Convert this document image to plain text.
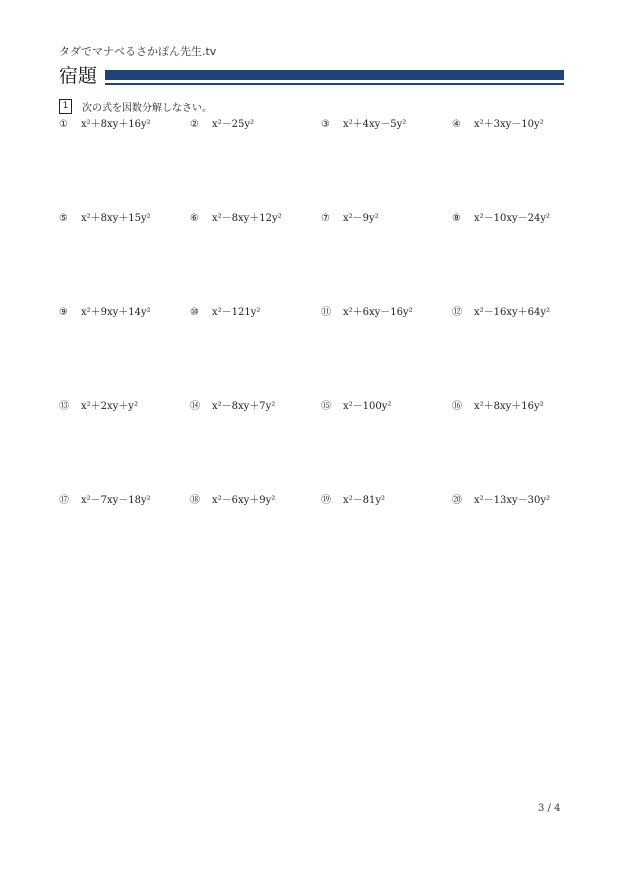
タダでマナベるさかぽん先生.tv
宿題
1	次の式を因数分解しなさい。
①	x²＋8xy＋16y²	②	x²－25y²	③	x²＋4xy－5y²	④	x²＋3xy－10y²
⑤	x²＋8xy＋15y²	⑥	x²－8xy＋12y²	⑦	x²－9y²	⑧	x²－10xy－24y²
⑨	x²＋9xy＋14y²	⑩	x²－121y²	⑪	x²＋6xy－16y²	⑫	x²－16xy＋64y²
⑬	x²＋2xy＋y²	⑭	x²－8xy＋7y²	⑮	x²－100y²	⑯	x²＋8xy＋16y²
⑰	x²－7xy－18y²	⑱	x²－6xy＋9y²	⑲	x²－81y²	⑳	x²－13xy－30y²
3 / 4
